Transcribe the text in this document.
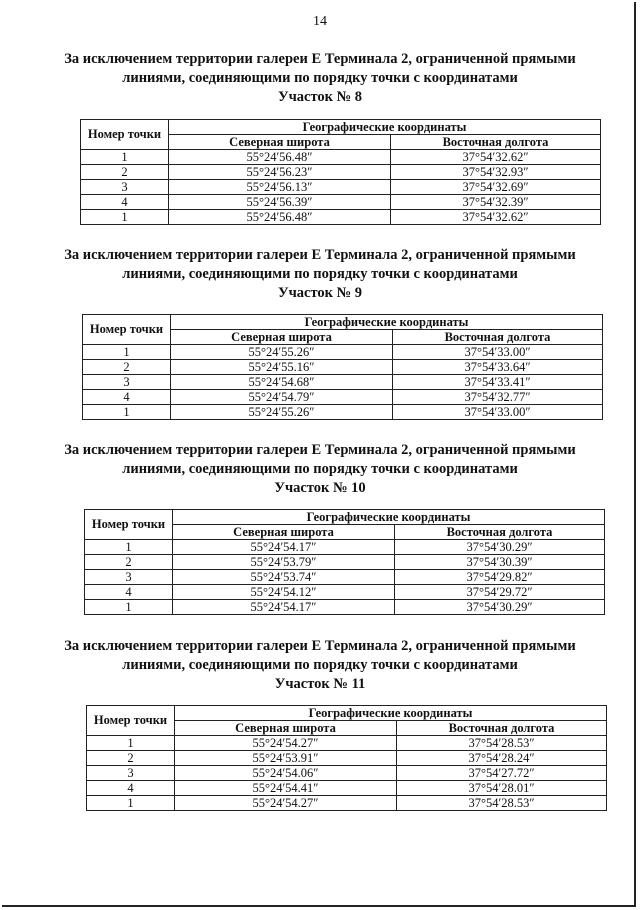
14
За исключением территории галереи Е Терминала 2, ограниченной прямыми
линиями, соединяющими по порядку точки с координатами
Участок № 8
Номер точки	Географические координаты	
	Северная широта	Восточная долгота
1	55°24′56.48″	37°54′32.62″
2	55°24′56.23″	37°54′32.93″
3	55°24′56.13″	37°54′32.69″
4	55°24′56.39″	37°54′32.39″
1	55°24′56.48″	37°54′32.62″
За исключением территории галереи Е Терминала 2, ограниченной прямыми
линиями, соединяющими по порядку точки с координатами
Участок № 9
Номер точки	Географические координаты	
	Северная широта	Восточная долгота
1	55°24′55.26″	37°54′33.00″
2	55°24′55.16″	37°54′33.64″
3	55°24′54.68″	37°54′33.41″
4	55°24′54.79″	37°54′32.77″
1	55°24′55.26″	37°54′33.00″
За исключением территории галереи Е Терминала 2, ограниченной прямыми
линиями, соединяющими по порядку точки с координатами
Участок № 10
Номер точки	Географические координаты	
	Северная широта	Восточная долгота
1	55°24′54.17″	37°54′30.29″
2	55°24′53.79″	37°54′30.39″
3	55°24′53.74″	37°54′29.82″
4	55°24′54.12″	37°54′29.72″
1	55°24′54.17″	37°54′30.29″
За исключением территории галереи Е Терминала 2, ограниченной прямыми
линиями, соединяющими по порядку точки с координатами
Участок № 11
Номер точки	Географические координаты	
	Северная широта	Восточная долгота
1	55°24′54.27″	37°54′28.53″
2	55°24′53.91″	37°54′28.24″
3	55°24′54.06″	37°54′27.72″
4	55°24′54.41″	37°54′28.01″
1	55°24′54.27″	37°54′28.53″
